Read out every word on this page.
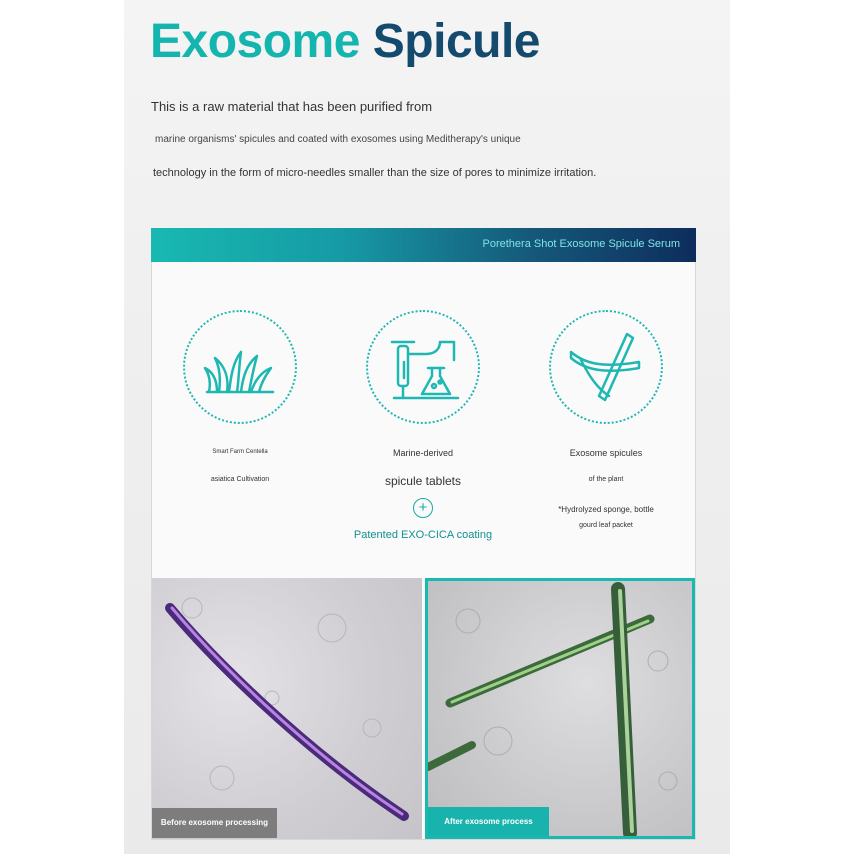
Exosome Spicule
This is a raw material that has been purified from
marine organisms' spicules and coated with exosomes using Meditherapy's unique
technology in the form of micro-needles smaller than the size of pores to minimize irritation.
Porethera Shot Exosome Spicule Serum
Smart Farm Centella
asiatica Cultivation
Marine-derived
spicule tablets
+
Patented EXO-CICA coating
Exosome spicules
of the plant
*Hydrolyzed sponge, bottle
gourd leaf packet
Before exosome processing	After exosome process
